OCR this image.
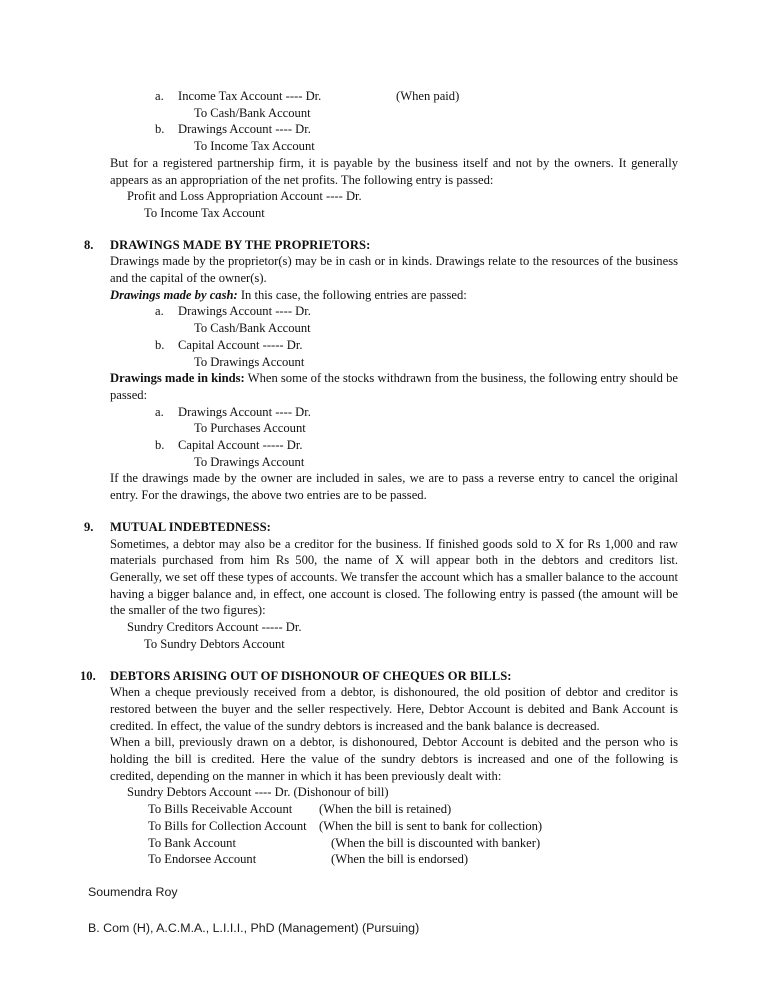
a.	Income Tax Account ---- Dr.	(When paid)
To Cash/Bank Account
b.	Drawings Account ---- Dr.
To Income Tax Account

But for a registered partnership firm, it is payable by the business itself and not by the owners. It generally appears as an appropriation of the net profits. The following entry is passed:

Profit and Loss Appropriation Account ---- Dr.
To Income Tax Account
8.	DRAWINGS MADE BY THE PROPRIETORS:

Drawings made by the proprietor(s) may be in cash or in kinds. Drawings relate to the resources of the business and the capital of the owner(s).

Drawings made by cash: In this case, the following entries are passed:

a.	Drawings Account ---- Dr.
To Cash/Bank Account
b.	Capital Account ----- Dr.
To Drawings Account

Drawings made in kinds: When some of the stocks withdrawn from the business, the following entry should be passed:

a.	Drawings Account ---- Dr.
To Purchases Account
b.	Capital Account ----- Dr.
To Drawings Account

If the drawings made by the owner are included in sales, we are to pass a reverse entry to cancel the original entry. For the drawings, the above two entries are to be passed.

9.	MUTUAL INDEBTEDNESS:

Sometimes, a debtor may also be a creditor for the business. If finished goods sold to X for Rs 1,000 and raw materials purchased from him Rs 500, the name of X will appear both in the debtors and creditors list. Generally, we set off these types of accounts. We transfer the account which has a smaller balance to the account having a bigger balance and, in effect, one account is closed. The following entry is passed (the amount will be the smaller of the two figures):

Sundry Creditors Account ----- Dr.
To Sundry Debtors Account
10.	DEBTORS ARISING OUT OF DISHONOUR OF CHEQUES OR BILLS:

When a cheque previously received from a debtor, is dishonoured, the old position of debtor and creditor is restored between the buyer and the seller respectively. Here, Debtor Account is debited and Bank Account is credited. In effect, the value of the sundry debtors is increased and the bank balance is decreased.

When a bill, previously drawn on a debtor, is dishonoured, Debtor Account is debited and the person who is holding the bill is credited. Here the value of the sundry debtors is increased and one of the following is credited, depending on the manner in which it has been previously dealt with:

Sundry Debtors Account ---- Dr. (Dishonour of bill)
To Bills Receivable Account	(When the bill is retained)
To Bills for Collection Account (When the bill is sent to bank for collection)
To Bank Account	(When the bill is discounted with banker)
To Endorsee Account	(When the bill is endorsed)
Soumendra Roy
B. Com (H), A.C.M.A., L.I.I.I., PhD (Management) (Pursuing)
